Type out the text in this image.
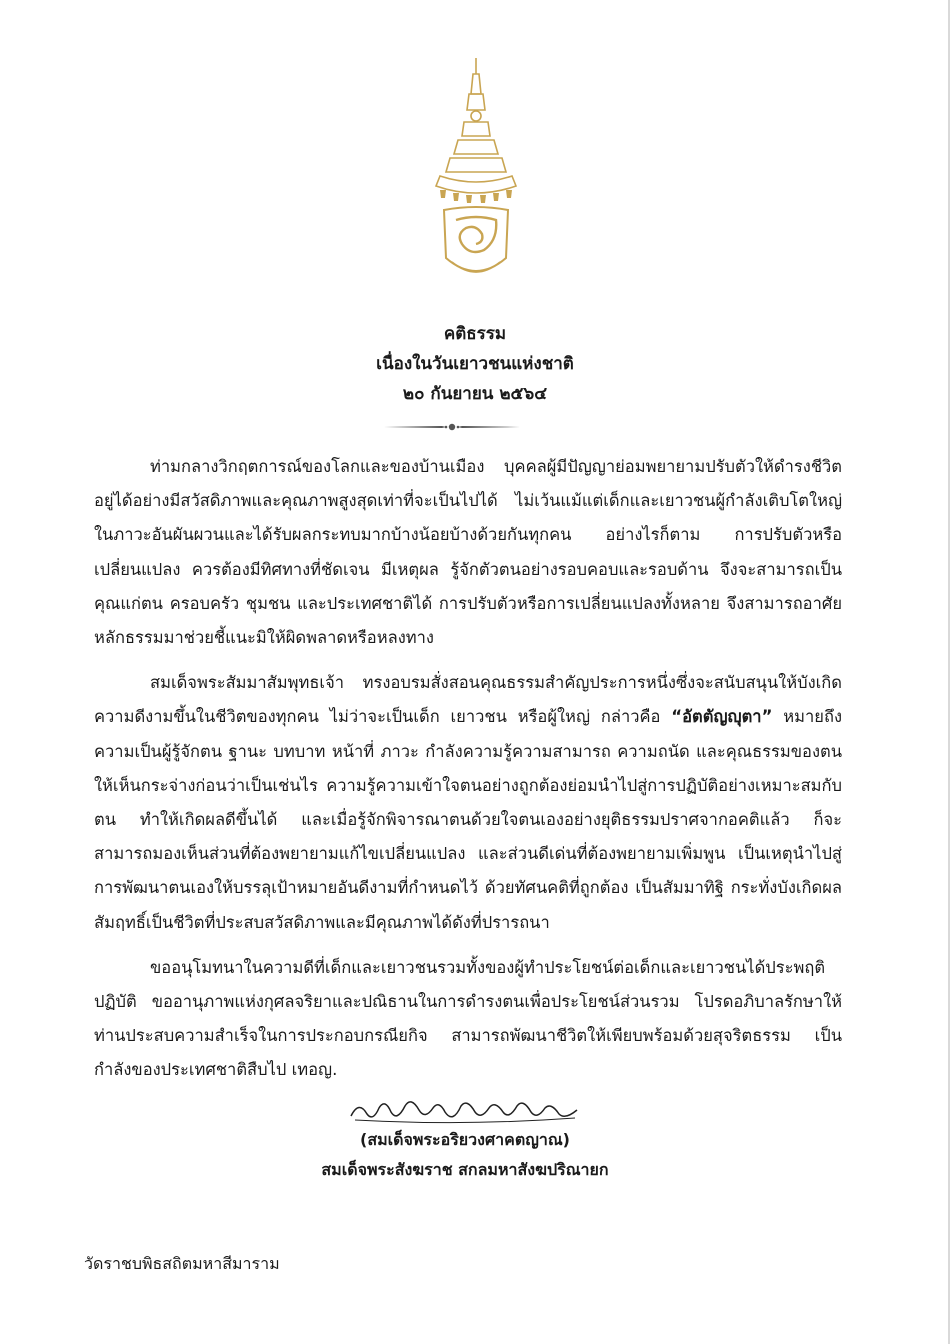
คติธรรม
เนื่องในวันเยาวชนแห่งชาติ
๒๐ กันยายน ๒๕๖๔

ท่ามกลางวิกฤตการณ์ของโลกและของบ้านเมือง บุคคลผู้มีปัญญาย่อมพยายามปรับตัวให้ดำรงชีวิตอยู่ได้อย่างมีสวัสดิภาพและคุณภาพสูงสุดเท่าที่จะเป็นไปได้ ไม่เว้นแม้แต่เด็กและเยาวชนผู้กำลังเติบโตใหญ่ในภาวะอันผันผวนและได้รับผลกระทบมากบ้างน้อยบ้างด้วยกันทุกคน อย่างไรก็ตาม การปรับตัวหรือเปลี่ยนแปลง ควรต้องมีทิศทางที่ชัดเจน มีเหตุผล รู้จักตัวตนอย่างรอบคอบและรอบด้าน จึงจะสามารถเป็นคุณแก่ตน ครอบครัว ชุมชน และประเทศชาติได้ การปรับตัวหรือการเปลี่ยนแปลงทั้งหลาย จึงสามารถอาศัยหลักธรรมมาช่วยชี้แนะมิให้ผิดพลาดหรือหลงทาง

สมเด็จพระสัมมาสัมพุทธเจ้า ทรงอบรมสั่งสอนคุณธรรมสำคัญประการหนึ่งซึ่งจะสนับสนุนให้บังเกิดความดีงามขึ้นในชีวิตของทุกคน ไม่ว่าจะเป็นเด็ก เยาวชน หรือผู้ใหญ่ กล่าวคือ “อัตตัญญุตา” หมายถึงความเป็นผู้รู้จักตน ฐานะ บทบาท หน้าที่ ภาวะ กำลังความรู้ความสามารถ ความถนัด และคุณธรรมของตนให้เห็นกระจ่างก่อนว่าเป็นเช่นไร ความรู้ความเข้าใจตนอย่างถูกต้องย่อมนำไปสู่การปฏิบัติอย่างเหมาะสมกับตน ทำให้เกิดผลดีขึ้นได้ และเมื่อรู้จักพิจารณาตนด้วยใจตนเองอย่างยุติธรรมปราศจากอคติแล้ว ก็จะสามารถมองเห็นส่วนที่ต้องพยายามแก้ไขเปลี่ยนแปลง และส่วนดีเด่นที่ต้องพยายามเพิ่มพูน เป็นเหตุนำไปสู่การพัฒนาตนเองให้บรรลุเป้าหมายอันดีงามที่กำหนดไว้ ด้วยทัศนคติที่ถูกต้อง เป็นสัมมาทิฐิ กระทั่งบังเกิดผลสัมฤทธิ์เป็นชีวิตที่ประสบสวัสดิภาพและมีคุณภาพได้ดังที่ปรารถนา

ขออนุโมทนาในความดีที่เด็กและเยาวชนรวมทั้งของผู้ทำประโยชน์ต่อเด็กและเยาวชนได้ประพฤติปฏิบัติ ขออานุภาพแห่งกุศลจริยาและปณิธานในการดำรงตนเพื่อประโยชน์ส่วนรวม โปรดอภิบาลรักษาให้ท่านประสบความสำเร็จในการประกอบกรณียกิจ สามารถพัฒนาชีวิตให้เพียบพร้อมด้วยสุจริตธรรม เป็นกำลังของประเทศชาติสืบไป เทอญ.

(สมเด็จพระอริยวงศาคตญาณ)
สมเด็จพระสังฆราช สกลมหาสังฆปริณายก
วัดราชบพิธสถิตมหาสีมาราม
